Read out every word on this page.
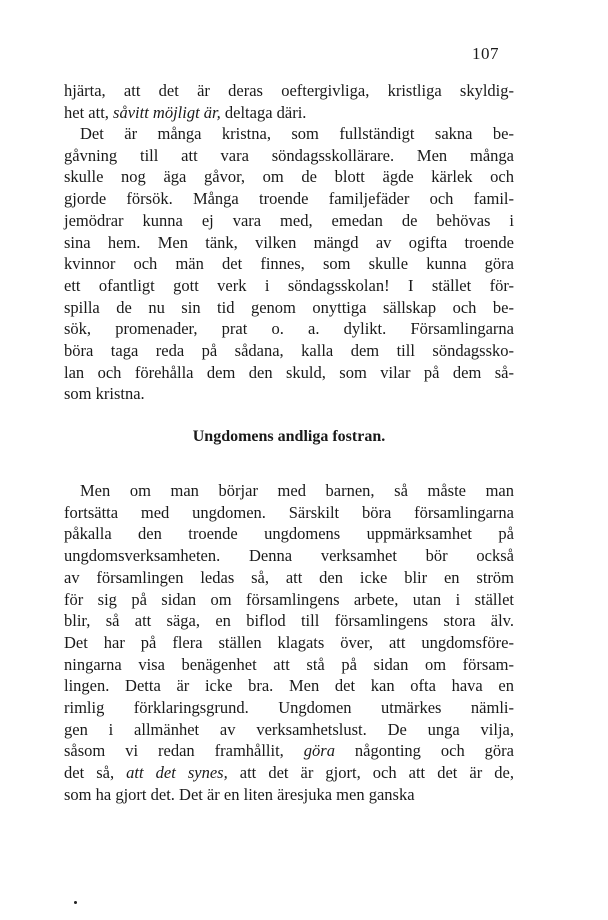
107
hjärta, att det är deras oeftergivliga, kristliga skyldig-
het att, såvitt möjligt är, deltaga däri.
Det är många kristna, som fullständigt sakna be-
gåvning till att vara söndagsskollärare. Men många
skulle nog äga gåvor, om de blott ägde kärlek och
gjorde försök. Många troende familjefäder och famil-
jemödrar kunna ej vara med, emedan de behövas i
sina hem. Men tänk, vilken mängd av ogifta troende
kvinnor och män det finnes, som skulle kunna göra
ett ofantligt gott verk i söndagsskolan! I stället för-
spilla de nu sin tid genom onyttiga sällskap och be-
sök, promenader, prat o. a. dylikt. Församlingarna
böra taga reda på sådana, kalla dem till söndagssko-
lan och förehålla dem den skuld, som vilar på dem så-
som kristna.
Ungdomens andliga fostran.
Men om man börjar med barnen, så måste man
fortsätta med ungdomen. Särskilt böra församlingarna
påkalla den troende ungdomens uppmärksamhet på
ungdomsverksamheten. Denna verksamhet bör också
av församlingen ledas så, att den icke blir en ström
för sig på sidan om församlingens arbete, utan i stället
blir, så att säga, en biflod till församlingens stora älv.
Det har på flera ställen klagats över, att ungdomsföre-
ningarna visa benägenhet att stå på sidan om försam-
lingen. Detta är icke bra. Men det kan ofta hava en
rimlig förklaringsgrund. Ungdomen utmärkes nämli-
gen i allmänhet av verksamhetslust. De unga vilja,
såsom vi redan framhållit, göra någonting och göra
det så, att det synes, att det är gjort, och att det är de,
som ha gjort det. Det är en liten äresjuka men ganska
